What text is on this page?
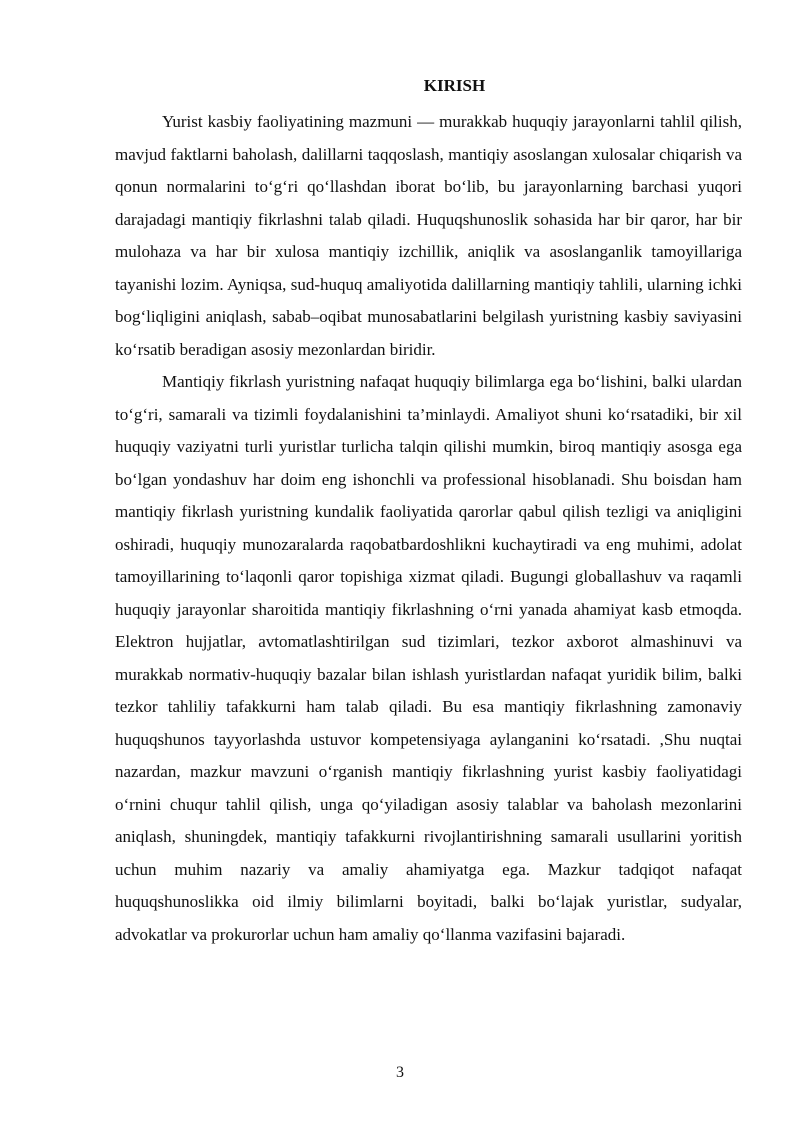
KIRISH

Yurist kasbiy faoliyatining mazmuni — murakkab huquqiy jarayonlarni tahlil qilish, mavjud faktlarni baholash, dalillarni taqqoslash, mantiqiy asoslangan xulosalar chiqarish va qonun normalarini to‘g‘ri qo‘llashdan iborat bo‘lib, bu jarayonlarning barchasi yuqori darajadagi mantiqiy fikrlashni talab qiladi. Huquqshunoslik sohasida har bir qaror, har bir mulohaza va har bir xulosa mantiqiy izchillik, aniqlik va asoslanganlik tamoyillariga tayanishi lozim. Ayniqsa, sud-huquq amaliyotida dalillarning mantiqiy tahlili, ularning ichki bog‘liqligini aniqlash, sabab–oqibat munosabatlarini belgilash yuristning kasbiy saviyasini ko‘rsatib beradigan asosiy mezonlardan biridir.

Mantiqiy fikrlash yuristning nafaqat huquqiy bilimlarga ega bo‘lishini, balki ulardan to‘g‘ri, samarali va tizimli foydalanishini ta’minlaydi. Amaliyot shuni ko‘rsatadiki, bir xil huquqiy vaziyatni turli yuristlar turlicha talqin qilishi mumkin, biroq mantiqiy asosga ega bo‘lgan yondashuv har doim eng ishonchli va professional hisoblanadi. Shu boisdan ham mantiqiy fikrlash yuristning kundalik faoliyatida qarorlar qabul qilish tezligi va aniqligini oshiradi, huquqiy munozaralarda raqobatbardoshlikni kuchaytiradi va eng muhimi, adolat tamoyillarining to‘laqonli qaror topishiga xizmat qiladi. Bugungi globallashuv va raqamli huquqiy jarayonlar sharoitida mantiqiy fikrlashning o‘rni yanada ahamiyat kasb etmoqda. Elektron hujjatlar, avtomatlashtirilgan sud tizimlari, tezkor axborot almashinuvi va murakkab normativ-huquqiy bazalar bilan ishlash yuristlardan nafaqat yuridik bilim, balki tezkor tahliliy tafakkurni ham talab qiladi. Bu esa mantiqiy fikrlashning zamonaviy huquqshunos tayyorlashda ustuvor kompetensiyaga aylanganini ko‘rsatadi. ,Shu nuqtai nazardan, mazkur mavzuni o‘rganish mantiqiy fikrlashning yurist kasbiy faoliyatidagi o‘rnini chuqur tahlil qilish, unga qo‘yiladigan asosiy talablar va baholash mezonlarini aniqlash, shuningdek, mantiqiy tafakkurni rivojlantirishning samarali usullarini yoritish uchun muhim nazariy va amaliy ahamiyatga ega. Mazkur tadqiqot nafaqat huquqshunoslikka oid ilmiy bilimlarni boyitadi, balki bo‘lajak yuristlar, sudyalar, advokatlar va prokurorlar uchun ham amaliy qo‘llanma vazifasini bajaradi.

3
